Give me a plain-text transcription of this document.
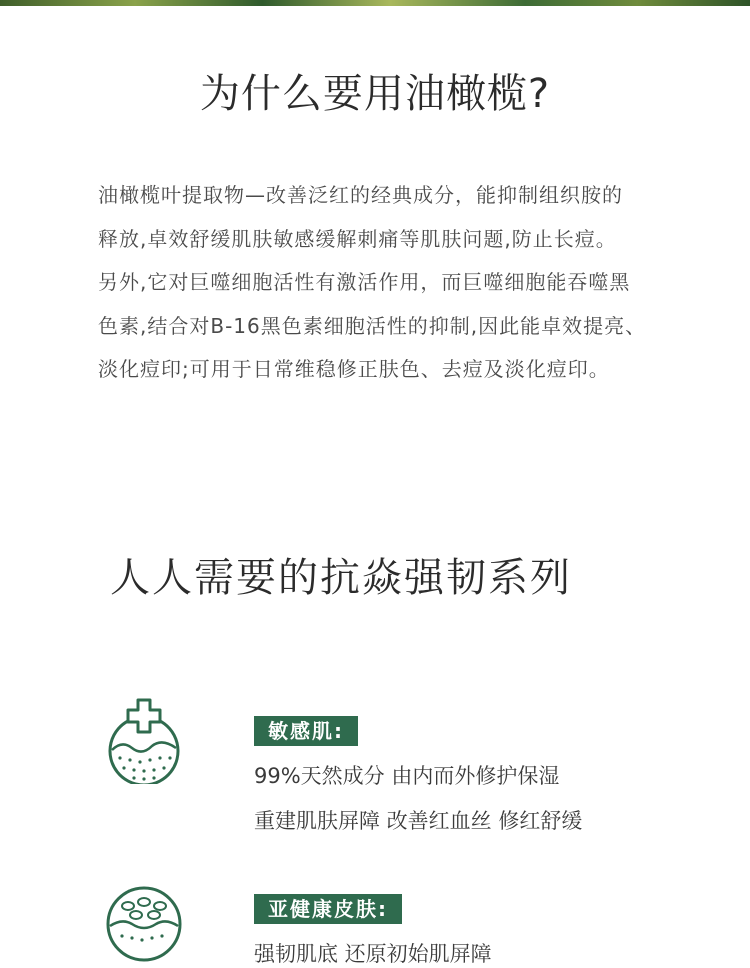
为什么要用油橄榄?

油橄榄叶提取物—改善泛红的经典成分，能抑制组织胺的

释放,卓效舒缓肌肤敏感缓解刺痛等肌肤问题,防止长痘。

另外,它对巨噬细胞活性有激活作用，而巨噬细胞能吞噬黑

色素,结合对B-16黑色素细胞活性的抑制,因此能卓效提亮、

淡化痘印;可用于日常维稳修正肤色、去痘及淡化痘印。

人人需要的抗焱强韧系列
敏感肌:
99%天然成分 由内而外修护保湿
重建肌肤屏障 改善红血丝 修红舒缓
亚健康皮肤:
强韧肌底 还原初始肌屏障
